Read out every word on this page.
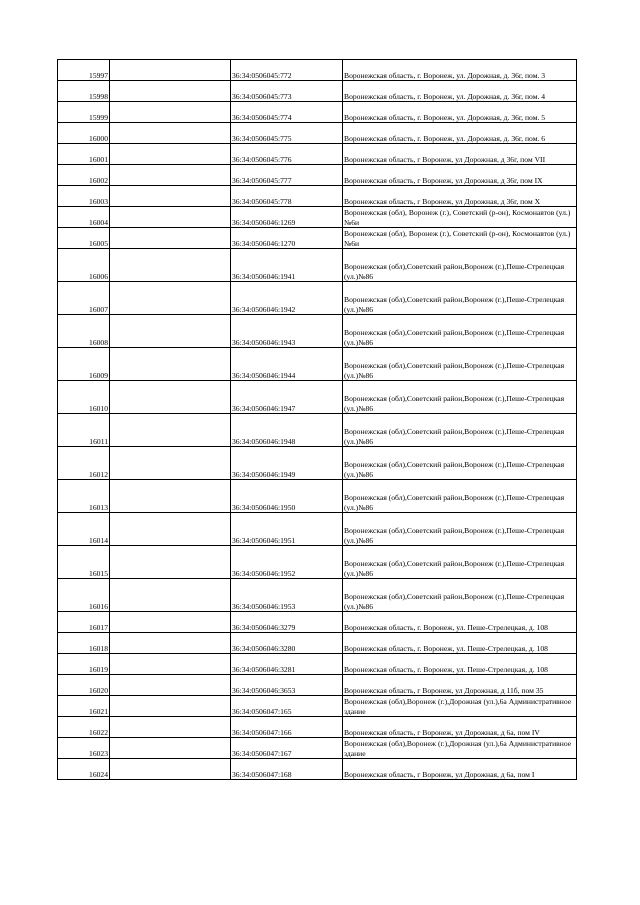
15997		36:34:0506045:772	Воронежская область, г. Воронеж, ул. Дорожная, д. 36г, пом. 3
15998		36:34:0506045:773	Воронежская область, г. Воронеж, ул. Дорожная, д. 36г, пом. 4
15999		36:34:0506045:774	Воронежская область, г. Воронеж, ул. Дорожная, д. 36г, пом. 5
16000		36:34:0506045:775	Воронежская область, г. Воронеж, ул. Дорожная, д. 36г, пом. 6
16001		36:34:0506045:776	Воронежская область, г Воронеж, ул Дорожная, д 36г, пом VII
16002		36:34:0506045:777	Воронежская область, г Воронеж, ул Дорожная, д 36г, пом IX
16003		36:34:0506045:778	Воронежская область, г Воронеж, ул Дорожная, д 36г, пом X
16004		36:34:0506046:1269	Воронежская (обл), Воронеж (г.), Советский (р-он), Космонавтов (ул.) №6и
16005		36:34:0506046:1270	Воронежская (обл), Воронеж (г.), Советский (р-он), Космонавтов (ул.) №6и
16006		36:34:0506046:1941	Воронежская (обл),Советский район,Воронеж (г.),Пеше-Стрелецкая (ул.)№86
16007		36:34:0506046:1942	Воронежская (обл),Советский район,Воронеж (г.),Пеше-Стрелецкая (ул.)№86
16008		36:34:0506046:1943	Воронежская (обл),Советский район,Воронеж (г.),Пеше-Стрелецкая (ул.)№86
16009		36:34:0506046:1944	Воронежская (обл),Советский район,Воронеж (г.),Пеше-Стрелецкая (ул.)№86
16010		36:34:0506046:1947	Воронежская (обл),Советский район,Воронеж (г.),Пеше-Стрелецкая (ул.)№86
16011		36:34:0506046:1948	Воронежская (обл),Советский район,Воронеж (г.),Пеше-Стрелецкая (ул.)№86
16012		36:34:0506046:1949	Воронежская (обл),Советский район,Воронеж (г.),Пеше-Стрелецкая (ул.)№86
16013		36:34:0506046:1950	Воронежская (обл),Советский район,Воронеж (г.),Пеше-Стрелецкая (ул.)№86
16014		36:34:0506046:1951	Воронежская (обл),Советский район,Воронеж (г.),Пеше-Стрелецкая (ул.)№86
16015		36:34:0506046:1952	Воронежская (обл),Советский район,Воронеж (г.),Пеше-Стрелецкая (ул.)№86
16016		36:34:0506046:1953	Воронежская (обл),Советский район,Воронеж (г.),Пеше-Стрелецкая (ул.)№86
16017		36:34:0506046:3279	Воронежская область, г. Воронеж, ул. Пеше-Стрелецкая, д. 108
16018		36:34:0506046:3280	Воронежская область, г. Воронеж, ул. Пеше-Стрелецкая, д. 108
16019		36:34:0506046:3281	Воронежская область, г. Воронеж, ул. Пеше-Стрелецкая, д. 108
16020		36:34:0506046:3653	Воронежская область, г Воронеж, ул Дорожная, д 11б, пом 35
16021		36:34:0506047:165	Воронежская (обл),Воронеж (г.),Дорожная (ул.),6а Административное здание
16022		36:34:0506047:166	Воронежская область, г Воронеж, ул Дорожная, д 6а, пом IV
16023		36:34:0506047:167	Воронежская (обл),Воронеж (г.),Дорожная (ул.),6а Административное здание
16024		36:34:0506047:168	Воронежская область, г Воронеж, ул Дорожная, д 6а, пом I
